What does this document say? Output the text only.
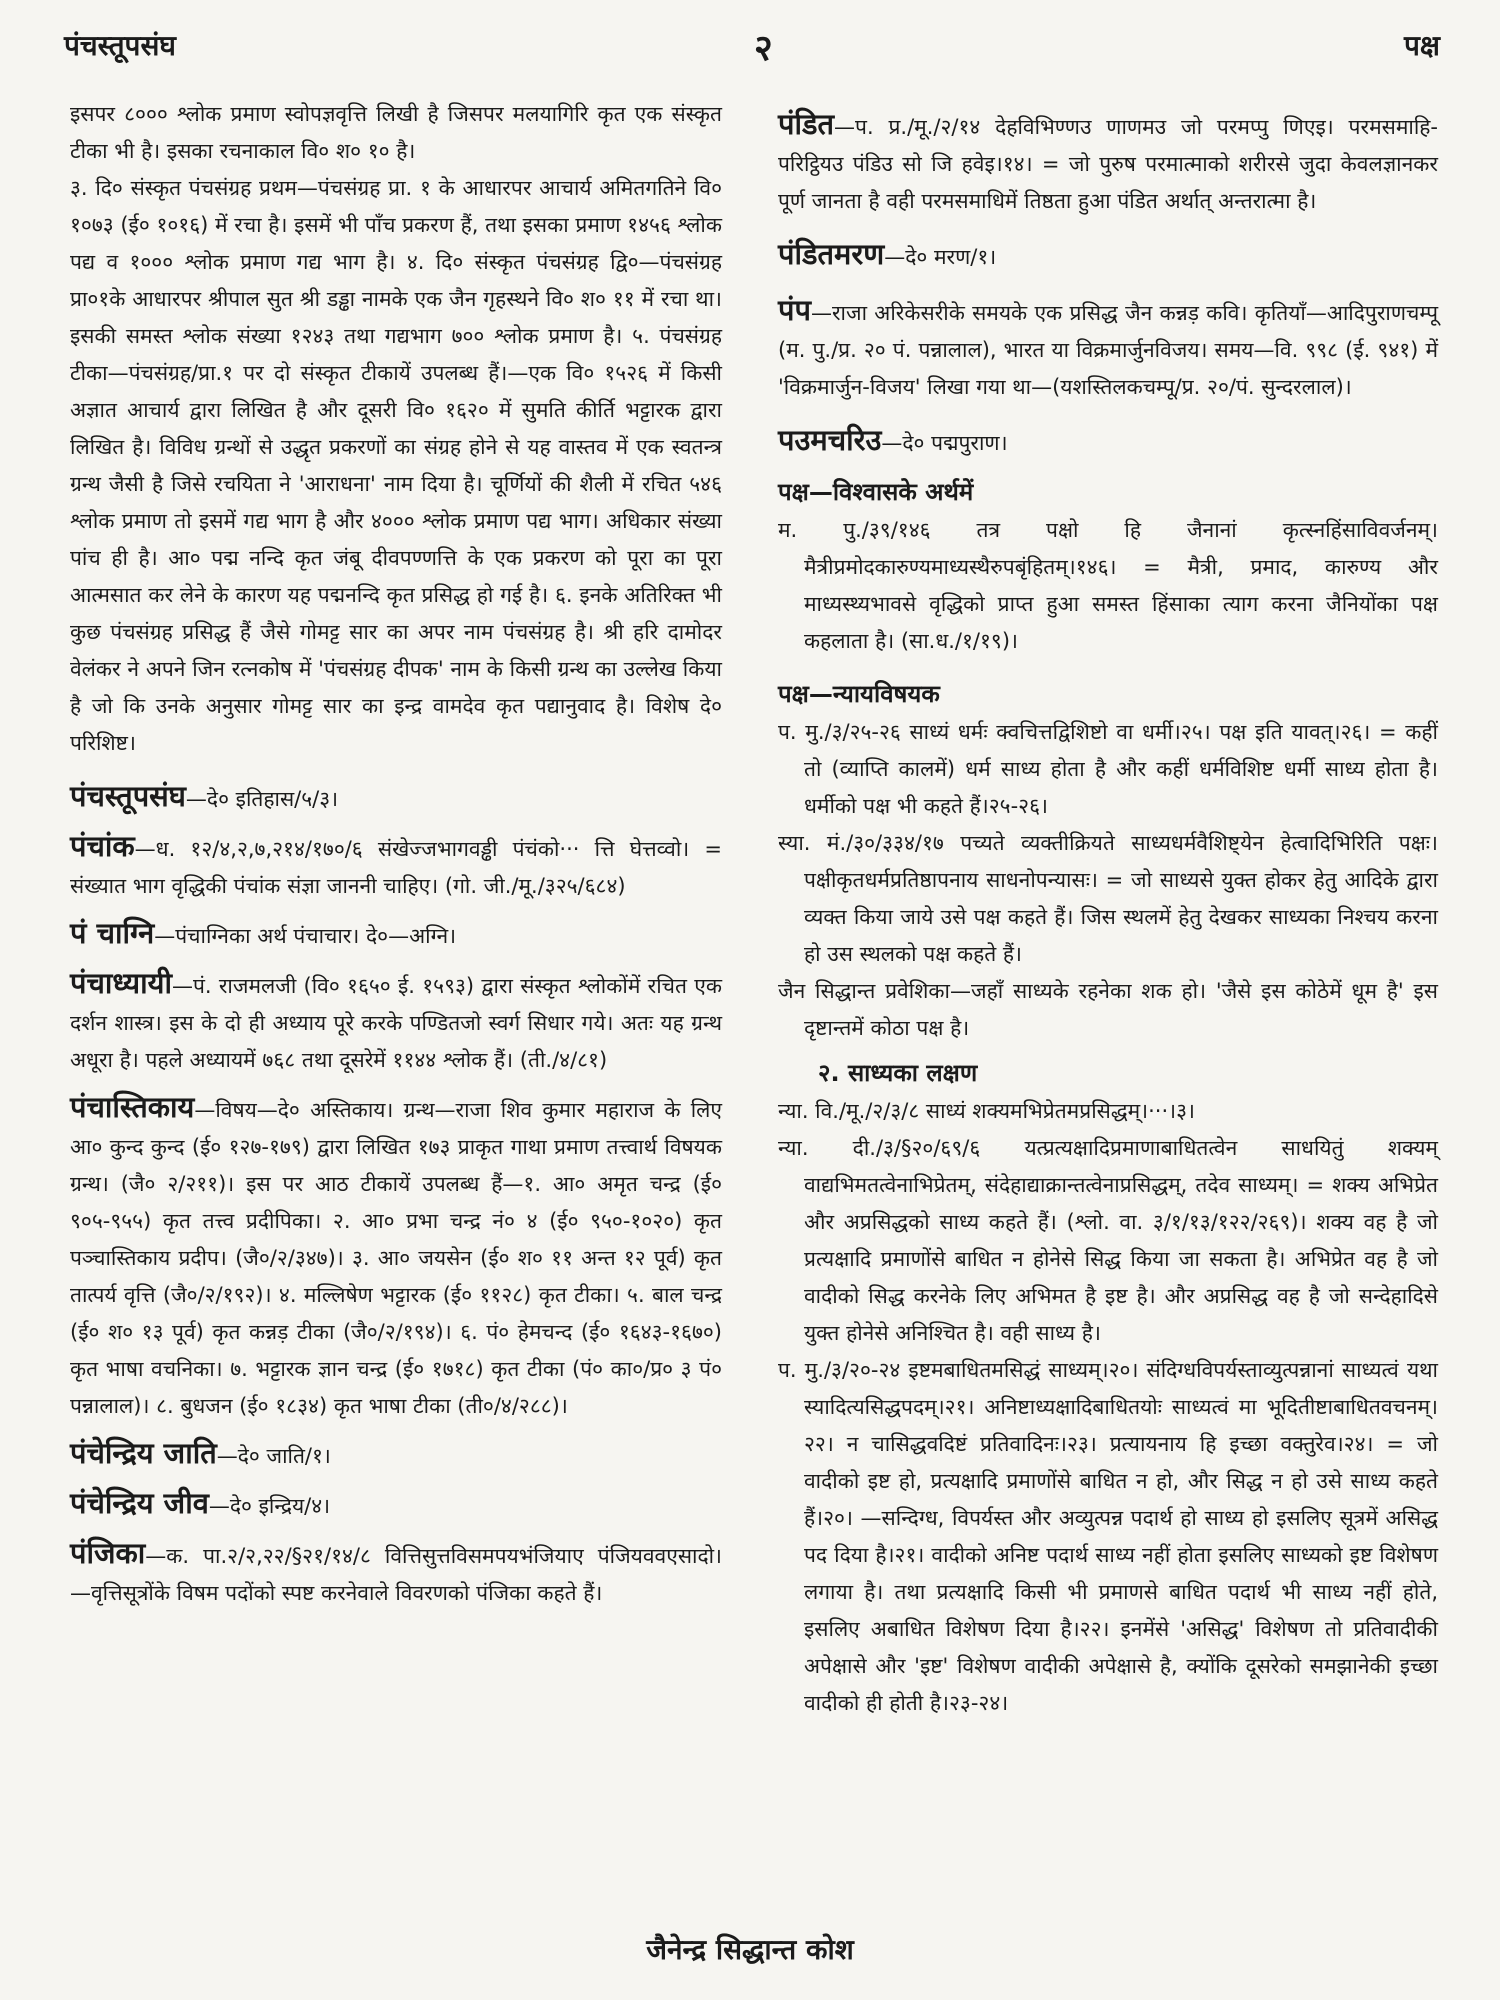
पंचस्तूपसंघ	२	पक्ष

इसपर ८००० श्लोक प्रमाण स्वोपज्ञवृत्ति लिखी है जिसपर मलयागिरि कृत एक संस्कृत टीका भी है। इसका रचनाकाल वि० श० १० है।

३. दि० संस्कृत पंचसंग्रह प्रथम—पंचसंग्रह प्रा. १ के आधारपर आचार्य अमितगतिने वि० १०७३ (ई० १०१६) में रचा है। इसमें भी पाँच प्रकरण हैं, तथा इसका प्रमाण १४५६ श्लोक पद्य व १००० श्लोक प्रमाण गद्य भाग है। ४. दि० संस्कृत पंचसंग्रह द्वि०—पंचसंग्रह प्रा०१के आधारपर श्रीपाल सुत श्री डड्ढा नामके एक जैन गृहस्थने वि० श० ११ में रचा था। इसकी समस्त श्लोक संख्या १२४३ तथा गद्यभाग ७०० श्लोक प्रमाण है। ५. पंचसंग्रह टीका—पंचसंग्रह/प्रा.१ पर दो संस्कृत टीकायें उपलब्ध हैं।—एक वि० १५२६ में किसी अज्ञात आचार्य द्वारा लिखित है और दूसरी वि० १६२० में सुमति कीर्ति भट्टारक द्वारा लिखित है। विविध ग्रन्थों से उद्धृत प्रकरणों का संग्रह होने से यह वास्तव में एक स्वतन्त्र ग्रन्थ जैसी है जिसे रचयिता ने 'आराधना' नाम दिया है। चूर्णियों की शैली में रचित ५४६ श्लोक प्रमाण तो इसमें गद्य भाग है और ४००० श्लोक प्रमाण पद्य भाग। अधिकार संख्या पांच ही है। आ० पद्म नन्दि कृत जंबू दीवपण्णत्ति के एक प्रकरण को पूरा का पूरा आत्मसात कर लेने के कारण यह पद्मनन्दि कृत प्रसिद्ध हो गई है। ६. इनके अतिरिक्त भी कुछ पंचसंग्रह प्रसिद्ध हैं जैसे गोमट्ट सार का अपर नाम पंचसंग्रह है। श्री हरि दामोदर वेलंकर ने अपने जिन रत्नकोष में 'पंचसंग्रह दीपक' नाम के किसी ग्रन्थ का उल्लेख किया है जो कि उनके अनुसार गोमट्ट सार का इन्द्र वामदेव कृत पद्यानुवाद है। विशेष दे० परिशिष्ट।

पंचस्तूपसंघ—दे० इतिहास/५/३।

पंचांक—ध. १२/४,२,७,२१४/१७०/६ संखेज्जभागवड्ढी पंचंको··· त्ति घेत्तव्वो। = संख्यात भाग वृद्धिकी पंचांक संज्ञा जाननी चाहिए। (गो. जी./मू./३२५/६८४)

पं चाग्नि—पंचाग्निका अर्थ पंचाचार। दे०—अग्नि।

पंचाध्यायी—पं. राजमलजी (वि० १६५० ई. १५९३) द्वारा संस्कृत श्लोकोंमें रचित एक दर्शन शास्त्र। इस के दो ही अध्याय पूरे करके पण्डितजो स्वर्ग सिधार गये। अतः यह ग्रन्थ अधूरा है। पहले अध्यायमें ७६८ तथा दूसरेमें ११४४ श्लोक हैं। (ती./४/८१)

पंचास्तिकाय—विषय—दे० अस्तिकाय। ग्रन्थ—राजा शिव कुमार महाराज के लिए आ० कुन्द कुन्द (ई० १२७-१७९) द्वारा लिखित १७३ प्राकृत गाथा प्रमाण तत्त्वार्थ विषयक ग्रन्थ। (जै० २/२११)। इस पर आठ टीकायें उपलब्ध हैं—१. आ० अमृत चन्द्र (ई० ९०५-९५५) कृत तत्त्व प्रदीपिका। २. आ० प्रभा चन्द्र नं० ४ (ई० ९५०-१०२०) कृत पञ्चास्तिकाय प्रदीप। (जै०/२/३४७)। ३. आ० जयसेन (ई० श० ११ अन्त १२ पूर्व) कृत तात्पर्य वृत्ति (जै०/२/१९२)। ४. मल्लिषेण भट्टारक (ई० ११२८) कृत टीका। ५. बाल चन्द्र (ई० श० १३ पूर्व) कृत कन्नड़ टीका (जै०/२/१९४)। ६. पं० हेमचन्द (ई० १६४३-१६७०) कृत भाषा वचनिका। ७. भट्टारक ज्ञान चन्द्र (ई० १७१८) कृत टीका (पं० का०/प्र० ३ पं० पन्नालाल)। ८. बुधजन (ई० १८३४) कृत भाषा टीका (ती०/४/२८८)।

पंचेन्द्रिय जाति—दे० जाति/१।

पंचेन्द्रिय जीव—दे० इन्द्रिय/४।

पंजिका—क. पा.२/२,२२/§२१/१४/८ वित्तिसुत्तविसमपयभंजियाए पंजियववएसादो। —वृत्तिसूत्रोंके विषम पदोंको स्पष्ट करनेवाले विवरणको पंजिका कहते हैं।

पंडित—प. प्र./मू./२/१४ देहविभिण्णउ णाणमउ जो परमप्पु णिएइ। परमसमाहि-परिट्ठियउ पंडिउ सो जि हवेइ।१४। = जो पुरुष परमात्माको शरीरसे जुदा केवलज्ञानकर पूर्ण जानता है वही परमसमाधिमें तिष्ठता हुआ पंडित अर्थात् अन्तरात्मा है।

पंडितमरण—दे० मरण/१।

पंप—राजा अरिकेसरीके समयके एक प्रसिद्ध जैन कन्नड़ कवि। कृतियाँ—आदिपुराणचम्पू (म. पु./प्र. २० पं. पन्नालाल), भारत या विक्रमार्जुनविजय। समय—वि. ९९८ (ई. ९४१) में 'विक्रमार्जुन-विजय' लिखा गया था—(यशस्तिलकचम्पू/प्र. २०/पं. सुन्दरलाल)।

पउमचरिउ—दे० पद्मपुराण।

पक्ष—विश्वासके अर्थमें

म. पु./३९/१४६ तत्र पक्षो हि जैनानां कृत्स्नहिंसाविवर्जनम्। मैत्रीप्रमोदकारुण्यमाध्यस्थैरुपबृंहितम्।१४६। = मैत्री, प्रमाद, कारुण्य और माध्यस्थ्यभावसे वृद्धिको प्राप्त हुआ समस्त हिंसाका त्याग करना जैनियोंका पक्ष कहलाता है। (सा.ध./१/१९)।

पक्ष—न्यायविषयक

प. मु./३/२५-२६ साध्यं धर्मः क्वचित्तद्विशिष्टो वा धर्मी।२५। पक्ष इति यावत्।२६। = कहीं तो (व्याप्ति कालमें) धर्म साध्य होता है और कहीं धर्मविशिष्ट धर्मी साध्य होता है। धर्मीको पक्ष भी कहते हैं।२५-२६।

स्या. मं./३०/३३४/१७ पच्यते व्यक्तीक्रियते साध्यधर्मवैशिष्ट्येन हेत्वादिभिरिति पक्षः। पक्षीकृतधर्मप्रतिष्ठापनाय साधनोपन्यासः। = जो साध्यसे युक्त होकर हेतु आदिके द्वारा व्यक्त किया जाये उसे पक्ष कहते हैं। जिस स्थलमें हेतु देखकर साध्यका निश्चय करना हो उस स्थलको पक्ष कहते हैं।

जैन सिद्धान्त प्रवेशिका—जहाँ साध्यके रहनेका शक हो। 'जैसे इस कोठेमें धूम है' इस दृष्टान्तमें कोठा पक्ष है।

२. साध्यका लक्षण

न्या. वि./मू./२/३/८ साध्यं शक्यमभिप्रेतमप्रसिद्धम्।···।३।

न्या. दी./३/§२०/६९/६ यत्प्रत्यक्षादिप्रमाणाबाधितत्वेन साधयितुं शक्यम् वाद्यभिमतत्वेनाभिप्रेतम्, संदेहाद्याक्रान्तत्वेनाप्रसिद्धम्, तदेव साध्यम्। = शक्य अभिप्रेत और अप्रसिद्धको साध्य कहते हैं। (श्लो. वा. ३/१/१३/१२२/२६९)। शक्य वह है जो प्रत्यक्षादि प्रमाणोंसे बाधित न होनेसे सिद्ध किया जा सकता है। अभिप्रेत वह है जो वादीको सिद्ध करनेके लिए अभिमत है इष्ट है। और अप्रसिद्ध वह है जो सन्देहादिसे युक्त होनेसे अनिश्चित है। वही साध्य है।

प. मु./३/२०-२४ इष्टमबाधितमसिद्धं साध्यम्।२०। संदिग्धविपर्यस्ताव्युत्पन्नानां साध्यत्वं यथा स्यादित्यसिद्धपदम्।२१। अनिष्टाध्यक्षादिबाधितयोः साध्यत्वं मा भूदितीष्टाबाधितवचनम्।२२। न चासिद्धवदिष्टं प्रतिवादिनः।२३। प्रत्यायनाय हि इच्छा वक्तुरेव।२४। = जो वादीको इष्ट हो, प्रत्यक्षादि प्रमाणोंसे बाधित न हो, और सिद्ध न हो उसे साध्य कहते हैं।२०। —सन्दिग्ध, विपर्यस्त और अव्युत्पन्न पदार्थ हो साध्य हो इसलिए सूत्रमें असिद्ध पद दिया है।२१। वादीको अनिष्ट पदार्थ साध्य नहीं होता इसलिए साध्यको इष्ट विशेषण लगाया है। तथा प्रत्यक्षादि किसी भी प्रमाणसे बाधित पदार्थ भी साध्य नहीं होते, इसलिए अबाधित विशेषण दिया है।२२। इनमेंसे 'असिद्ध' विशेषण तो प्रतिवादीकी अपेक्षासे और 'इष्ट' विशेषण वादीकी अपेक्षासे है, क्योंकि दूसरेको समझानेकी इच्छा वादीको ही होती है।२३-२४।

जैनेन्द्र सिद्धान्त कोश
